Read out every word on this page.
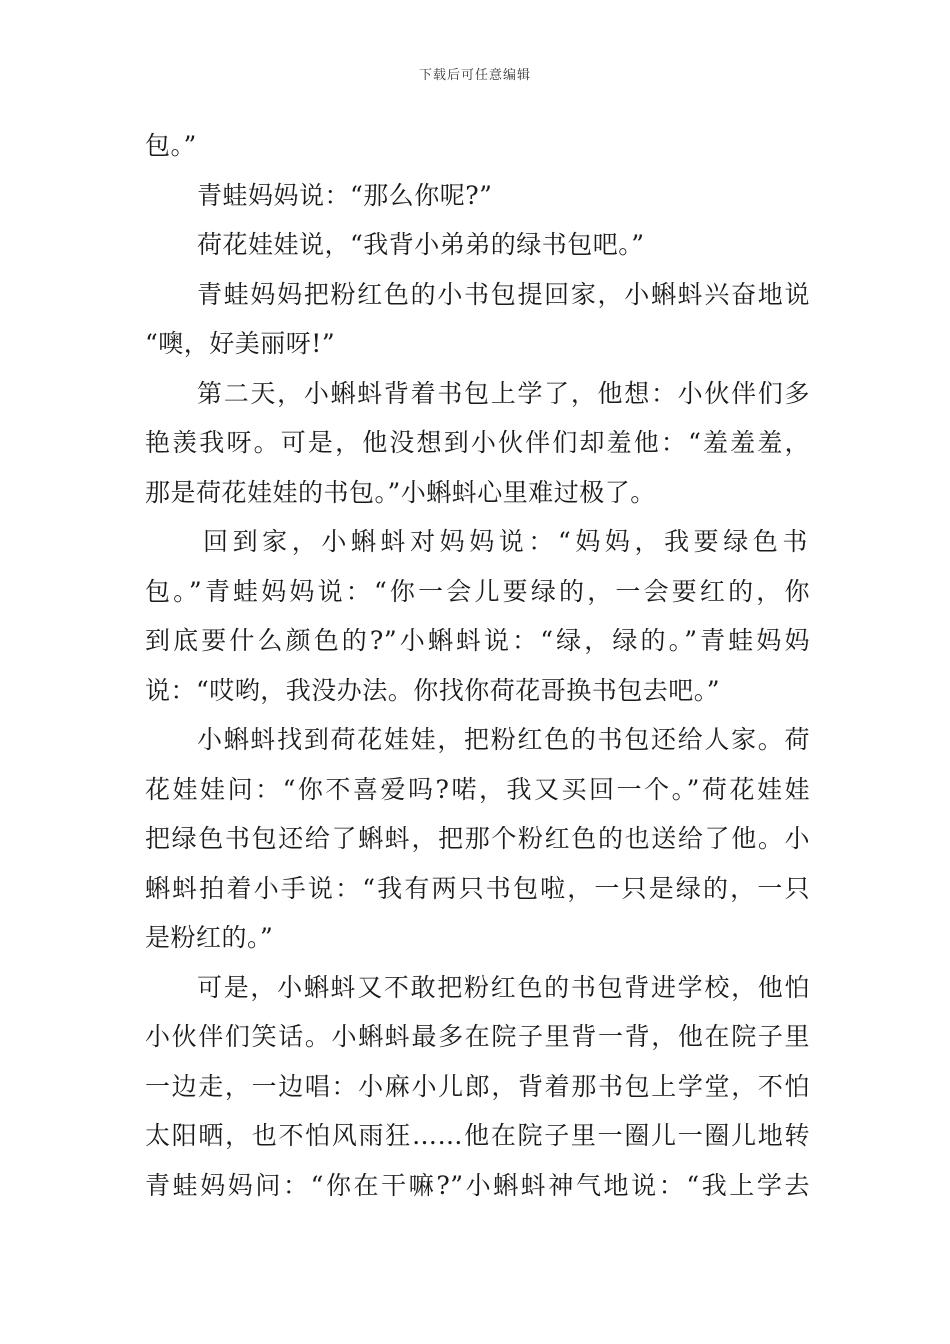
下载后可任意编辑
包。”
青蛙妈妈说：“那么你呢?”
荷花娃娃说，“我背小弟弟的绿书包吧。”
青蛙妈妈把粉红色的小书包提回家，小蝌蚪兴奋地说
“噢，好美丽呀!”
第二天，小蝌蚪背着书包上学了，他想：小伙伴们多
艳羡我呀。可是，他没想到小伙伴们却羞他：“羞羞羞，
那是荷花娃娃的书包。”小蝌蚪心里难过极了。
回到家，小蝌蚪对妈妈说：“妈妈，我要绿色书
包。”青蛙妈妈说：“你一会儿要绿的，一会要红的，你
到底要什么颜色的?”小蝌蚪说：“绿，绿的。”青蛙妈妈
说：“哎哟，我没办法。你找你荷花哥换书包去吧。”
小蝌蚪找到荷花娃娃，把粉红色的书包还给人家。荷
花娃娃问：“你不喜爱吗?喏，我又买回一个。”荷花娃娃
把绿色书包还给了蝌蚪，把那个粉红色的也送给了他。小
蝌蚪拍着小手说：“我有两只书包啦，一只是绿的，一只
是粉红的。”
可是，小蝌蚪又不敢把粉红色的书包背进学校，他怕
小伙伴们笑话。小蝌蚪最多在院子里背一背，他在院子里
一边走，一边唱：小麻小儿郎，背着那书包上学堂，不怕
太阳晒，也不怕风雨狂……他在院子里一圈儿一圈儿地转
青蛙妈妈问：“你在干嘛?”小蝌蚪神气地说：“我上学去
